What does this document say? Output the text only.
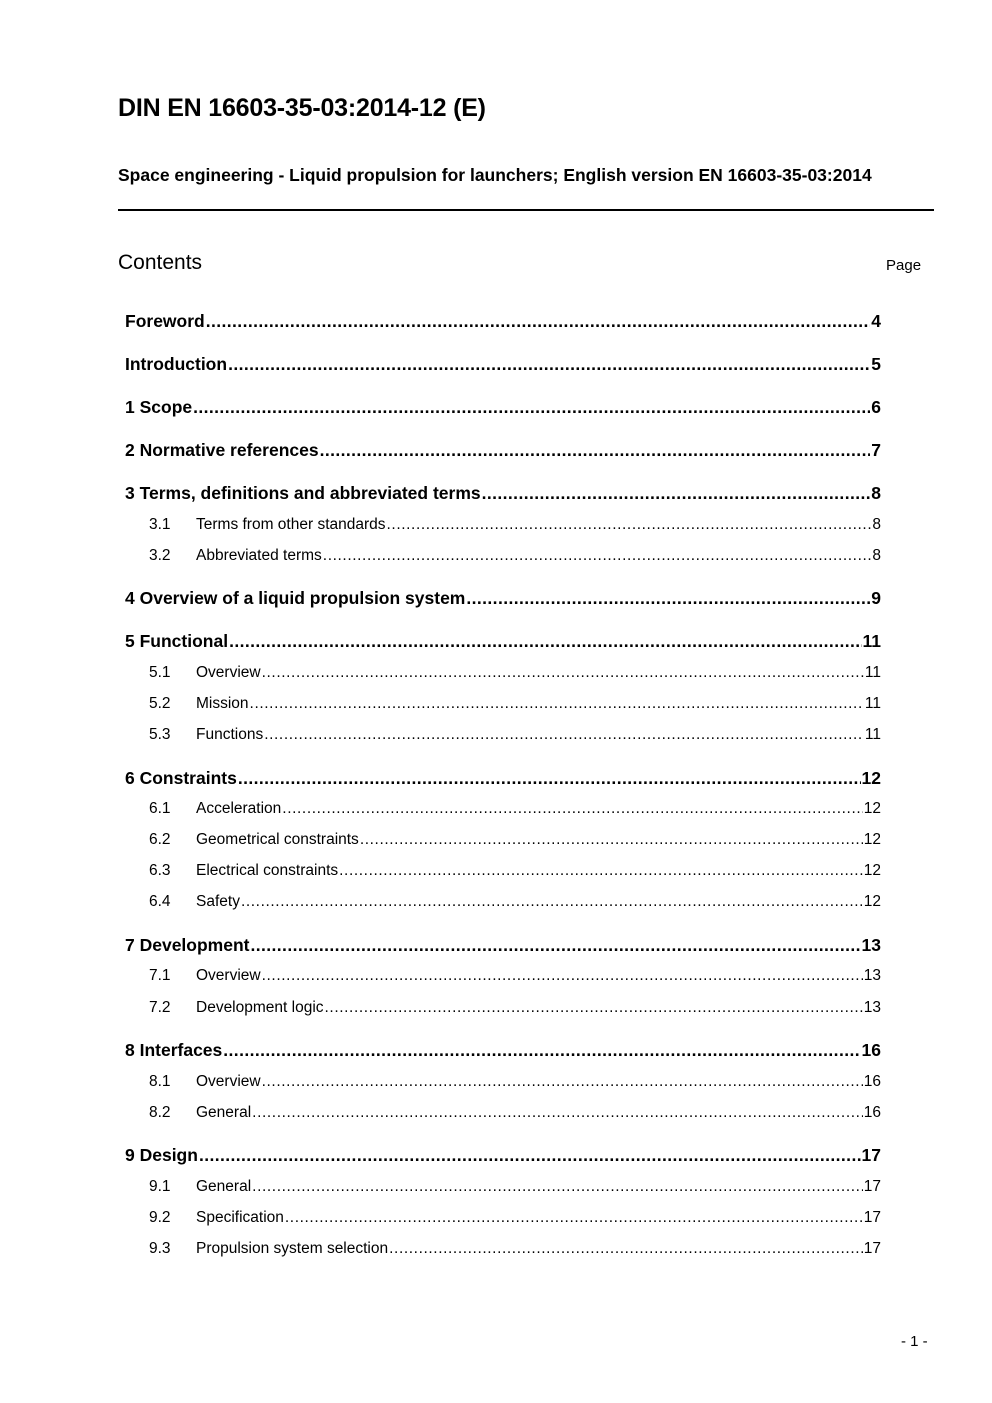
DIN EN 16603-35-03:2014-12 (E)
Space engineering - Liquid propulsion for launchers; English version EN 16603-35-03:2014
Contents	Page
Foreword .....	4
Introduction .....	5
1 Scope .....	6
2 Normative references .....	7
3 Terms, definitions and abbreviated terms .....	8
3.1	Terms from other standards .....	8
3.2	Abbreviated terms .....	8
4 Overview of a liquid propulsion system .....	9
5 Functional .....	11
5.1	Overview .....	11
5.2	Mission .....	11
5.3	Functions .....	11
6 Constraints .....	12
6.1	Acceleration .....	12
6.2	Geometrical constraints .....	12
6.3	Electrical constraints .....	12
6.4	Safety .....	12
7 Development .....	13
7.1	Overview .....	13
7.2	Development logic .....	13
8 Interfaces .....	16
8.1	Overview .....	16
8.2	General .....	16
9 Design .....	17
9.1	General .....	17
9.2	Specification .....	17
9.3	Propulsion system selection .....	17
- 1 -
